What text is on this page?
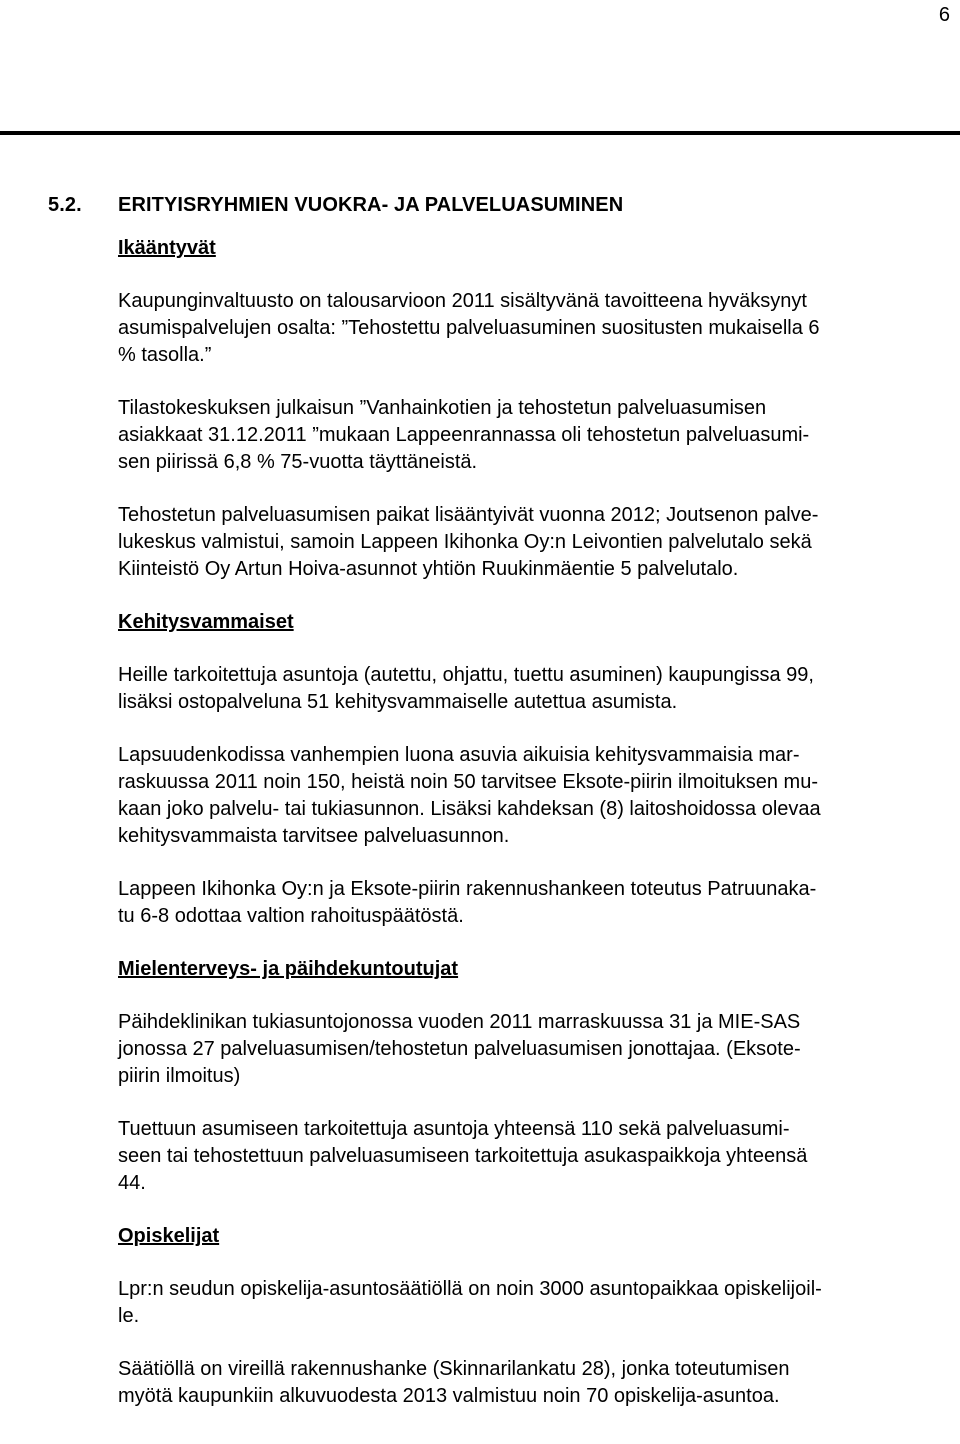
6
5.2. ERITYISRYHMIEN VUOKRA- JA PALVELUASUMINEN
Ikääntyvät

Kaupunginvaltuusto on talousarvioon 2011 sisältyvänä tavoitteena hyväksynyt
asumispalvelujen osalta: ”Tehostettu palveluasuminen suositusten mukaisella 6
% tasolla.”

Tilastokeskuksen julkaisun ”Vanhainkotien ja tehostetun palveluasumisen
asiakkaat 31.12.2011 ”mukaan Lappeenrannassa oli tehostetun palveluasumi-
sen piirissä 6,8 % 75-vuotta täyttäneistä.

Tehostetun palveluasumisen paikat lisääntyivät vuonna 2012; Joutsenon palve-
lukeskus valmistui, samoin Lappeen Ikihonka Oy:n Leivontien palvelutalo sekä
Kiinteistö Oy Artun Hoiva-asunnot yhtiön Ruukinmäentie 5 palvelutalo.

Kehitysvammaiset

Heille tarkoitettuja asuntoja (autettu, ohjattu, tuettu asuminen) kaupungissa 99,
lisäksi ostopalveluna 51 kehitysvammaiselle autettua asumista.

Lapsuudenkodissa vanhempien luona asuvia aikuisia kehitysvammaisia mar-
raskuussa 2011 noin 150, heistä noin 50 tarvitsee Eksote-piirin ilmoituksen mu-
kaan joko palvelu- tai tukiasunnon. Lisäksi kahdeksan (8) laitoshoidossa olevaa
kehitysvammaista tarvitsee palveluasunnon.

Lappeen Ikihonka Oy:n ja Eksote-piirin rakennushankeen toteutus Patruunaka-
tu 6-8 odottaa valtion rahoituspäätöstä.

Mielenterveys- ja päihdekuntoutujat

Päihdeklinikan tukiasuntojonossa vuoden 2011 marraskuussa 31 ja MIE-SAS
jonossa 27 palveluasumisen/tehostetun palveluasumisen jonottajaa. (Eksote-
piirin ilmoitus)

Tuettuun asumiseen tarkoitettuja asuntoja yhteensä 110 sekä palveluasumi-
seen tai tehostettuun palveluasumiseen tarkoitettuja asukaspaikkoja yhteensä
44.

Opiskelijat

Lpr:n seudun opiskelija-asuntosäätiöllä on noin 3000 asuntopaikkaa opiskelijoil-
le.

Säätiöllä on vireillä rakennushanke (Skinnarilankatu 28), jonka toteutumisen
myötä kaupunkiin alkuvuodesta 2013 valmistuu noin 70 opiskelija-asuntoa.
